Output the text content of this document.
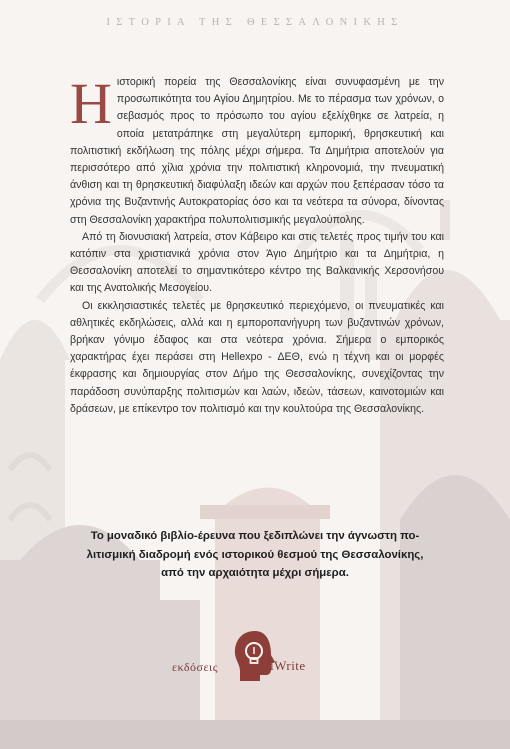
ΙΣΤΟΡΙΑ ΤΗΣ ΘΕΣΣΑΛΟΝΙΚΗΣ

Ηιστορική πορεία της Θεσσαλονίκης είναι συνυφασμένη με την προσωπικότητα του Αγίου Δημητρίου. Με το πέρασμα των χρόνων, ο σεβασμός προς το πρόσωπο του αγίου εξελίχθηκε σε λατρεία, η οποία μετατράπηκε στη μεγαλύτερη εμπορική, θρησκευτική και πολιτιστική εκδήλωση της πόλης μέχρι σήμερα. Τα Δημήτρια αποτελούν για περισσότερο από χίλια χρόνια την πολιτιστική κληρονομιά, την πνευματική άνθιση και τη θρησκευτική διαφύλαξη ιδεών και αρχών που ξεπέρασαν τόσο τα χρόνια της Βυζαντινής Αυτοκρατορίας όσο και τα νεότερα τα σύνορα, δίνοντας στη Θεσσαλονίκη χαρακτήρα πολυπολιτισμικής μεγαλούπολης.

Από τη διονυσιακή λατρεία, στον Κάβειρο και στις τελετές προς τιμήν του και κατόπιν στα χριστιανικά χρόνια στον Άγιο Δημήτριο και τα Δημήτρια, η Θεσσαλονίκη αποτελεί το σημαντικότερο κέντρο της Βαλκανικής Χερσονήσου και της Ανατολικής Μεσογείου.

Οι εκκλησιαστικές τελετές με θρησκευτικό περιεχόμενο, οι πνευματικές και αθλητικές εκδηλώσεις, αλλά και η εμποροπανήγυρη των βυζαντινών χρόνων, βρήκαν γόνιμο έδαφος και στα νεότερα χρόνια. Σήμερα ο εμπορικός χαρακτήρας έχει περάσει στη Hellexpo - ΔΕΘ, ενώ η τέχνη και οι μορφές έκφρασης και δημιουργίας στον Δήμο της Θεσσαλονίκης, συνεχίζοντας την παράδοση συνύπαρξης πολιτισμών και λαών, ιδεών, τάσεων, καινοτομιών και δράσεων, με επίκεντρο τον πολιτισμό και την κουλτούρα της Θεσσαλονίκης.

Το μοναδικό βιβλίο-έρευνα που ξεδιπλώνει την άγνωστη πο-
λιτισμική διαδρομή ενός ιστορικού θεσμού της Θεσσαλονίκης,
από την αρχαιότητα μέχρι σήμερα.
εκδόσεις	iWrite
